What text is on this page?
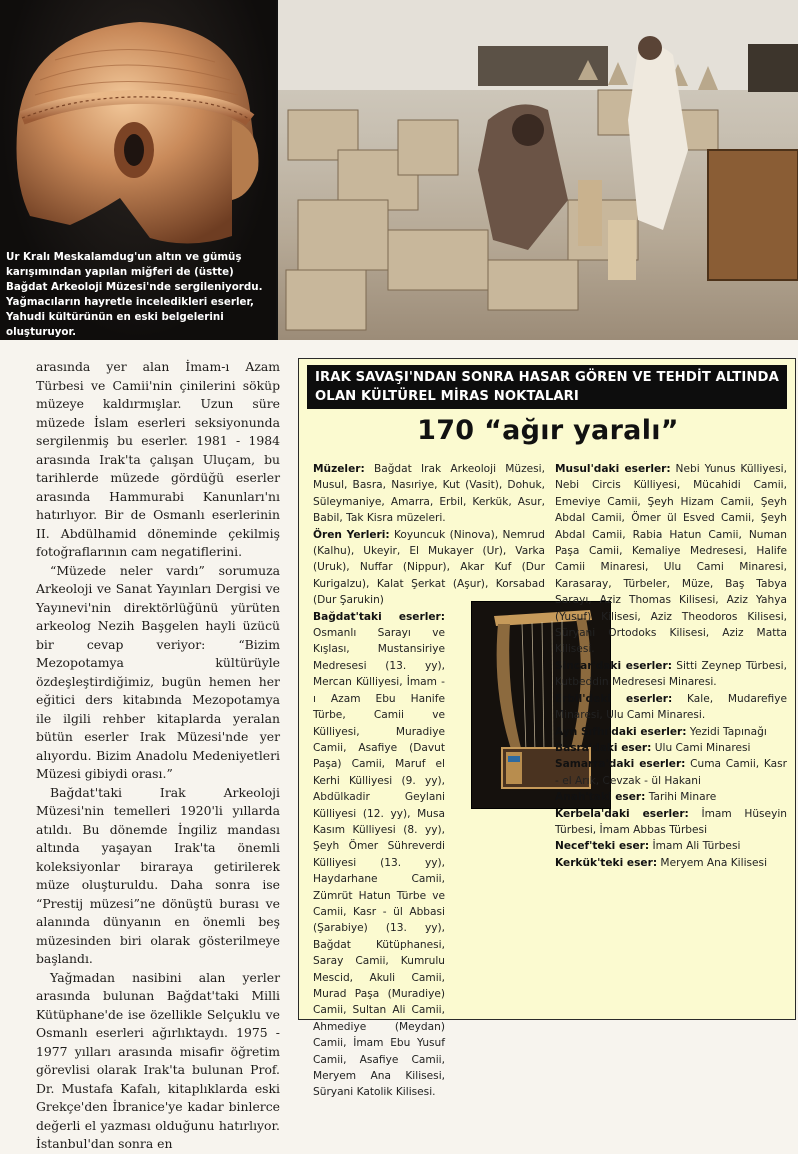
Ur Kralı Meskalamdug'un altın ve gümüş karışımından yapılan miğferi de (üstte) Bağdat Arkeoloji Müzesi'nde sergileniyordu. Yağmacıların hayretle inceledikleri eserler, Yahudi kültürünün en eski belgelerini oluşturuyor.

arasında yer alan İmam-ı Azam Türbesi ve Camii'nin çinilerini söküp müzeye kaldırmışlar. Uzun süre müzede İslam eserleri seksiyonunda sergilenmiş bu eserler. 1981 - 1984 arasında Irak'ta çalışan Uluçam, bu tarihlerde müzede gördüğü eserler arasında Hammurabi Kanunları'nı hatırlıyor. Bir de Osmanlı eserlerinin II. Abdülhamid döneminde çekilmiş fotoğraflarının cam negatiflerini.

“Müzede neler vardı” sorumuza Arkeoloji ve Sanat Yayınları Dergisi ve Yayınevi'nin direktörlüğünü yürüten arkeolog Nezih Başgelen hayli üzücü bir cevap veriyor: “Bizim Mezopotamya kültürüyle özdeşleştirdiğimiz, bugün hemen her eğitici ders kitabında Mezopotamya ile ilgili rehber kitaplarda yeralan bütün eserler Irak Müzesi'nde yer alıyordu. Bizim Anadolu Medeniyetleri Müzesi gibiydi orası.”

Bağdat'taki Irak Arkeoloji Müzesi'nin temelleri 1920'li yıllarda atıldı. Bu dönemde İngiliz mandası altında yaşayan Irak'ta önemli koleksiyonlar biraraya getirilerek müze oluşturuldu. Daha sonra ise “Prestij müzesi”ne dönüştü burası ve alanında dünyanın en önemli beş müzesinden biri olarak gösterilmeye başlandı.

Yağmadan nasibini alan yerler arasında bulunan Bağdat'taki Milli Kütüphane'de ise özellikle Selçuklu ve Osmanlı eserleri ağırlıktaydı. 1975 - 1977 yılları arasında misafir öğretim görevlisi olarak Irak'ta bulunan Prof. Dr. Mustafa Kafalı, kitaplıklarda eski Grekçe'den İbranice'ye kadar binlerce değerli el yazması olduğunu hatırlıyor. İstanbul'dan sonra en

IRAK SAVAŞI'NDAN SONRA HASAR GÖREN VE TEHDİT ALTINDA OLAN KÜLTÜREL MİRAS NOKTALARI
170 “ağır yaralı”

Müzeler: Bağdat Irak Arkeoloji Müzesi, Musul, Basra, Nasıriye, Kut (Vasit), Dohuk, Süleymaniye, Amarra, Erbil, Kerkük, Asur, Babil, Tak Kisra müzeleri.

Ören Yerleri: Koyuncuk (Ninova), Nemrud (Kalhu), Ukeyir, El Mukayer (Ur), Varka (Uruk), Nuffar (Nippur), Akar Kuf (Dur Kurigalzu), Kalat Şerkat (Aşur), Korsabad (Dur Şarukin)

Bağdat'taki eserler: Osmanlı Sarayı ve Kışlası, Mustansiriye Medresesi (13. yy), Mercan Külliyesi, İmam - ı Azam Ebu Hanife Türbe, Camii ve Külliyesi, Muradiye Camii, Asafiye (Davut Paşa) Camii, Maruf el Kerhi Külliyesi (9. yy), Abdülkadir Geylani Külliyesi (12. yy), Musa Kasım Külliyesi (8. yy), Şeyh Ömer Sühreverdi Külliyesi (13. yy), Haydarhane Camii, Zümrüt Hatun Türbe ve Camii, Kasr - ül Abbasi (Şarabiye) (13. yy), Bağdat Kütüphanesi, Saray Camii, Kumrulu Mescid, Akuli Camii, Murad Paşa (Muradiye) Camii, Sultan Ali Camii, Ahmediye (Meydan) Camii, İmam Ebu Yusuf Camii, Asafiye Camii, Meryem Ana Kilisesi, Süryani Katolik Kilisesi.

Musul'daki eserler: Nebi Yunus Külliyesi, Nebi Circis Külliyesi, Mücahidi Camii, Emeviye Camii, Şeyh Hizam Camii, Şeyh Abdal Camii, Ömer ül Esved Camii, Şeyh Abdal Camii, Rabia Hatun Camii, Numan Paşa Camii, Kemaliye Medresesi, Halife Camii Minaresi, Ulu Cami Minaresi, Karasaray, Türbeler, Müze, Baş Tabya Sarayı, Aziz Thomas Kilisesi, Aziz Yahya (Yusuf) Kilisesi, Aziz Theodoros Kilisesi, Süryani Ortodoks Kilisesi, Aziz Matta Kilisesi.

Sincar'daki eserler: Sitti Zeynep Türbesi, Kutbeddin Medresesi Minaresi.

Erbil'deki eserler: Kale, Mudarefiye Minaresi, Ulu Cami Minaresi.

Ayn Sıfhı'daki eserler: Yezidi Tapınağı

Basra'daki eser: Ulu Cami Minaresi

Samarra'daki eserler: Cuma Camii, Kasr - el Arık, Cevzak - ül Hakani

Anah'taki eser: Tarihi Minare

Kerbela'daki eserler: İmam Hüseyin Türbesi, İmam Abbas Türbesi

Necef'teki eser: İmam Ali Türbesi

Kerkük'teki eser: Meryem Ana Kilisesi
